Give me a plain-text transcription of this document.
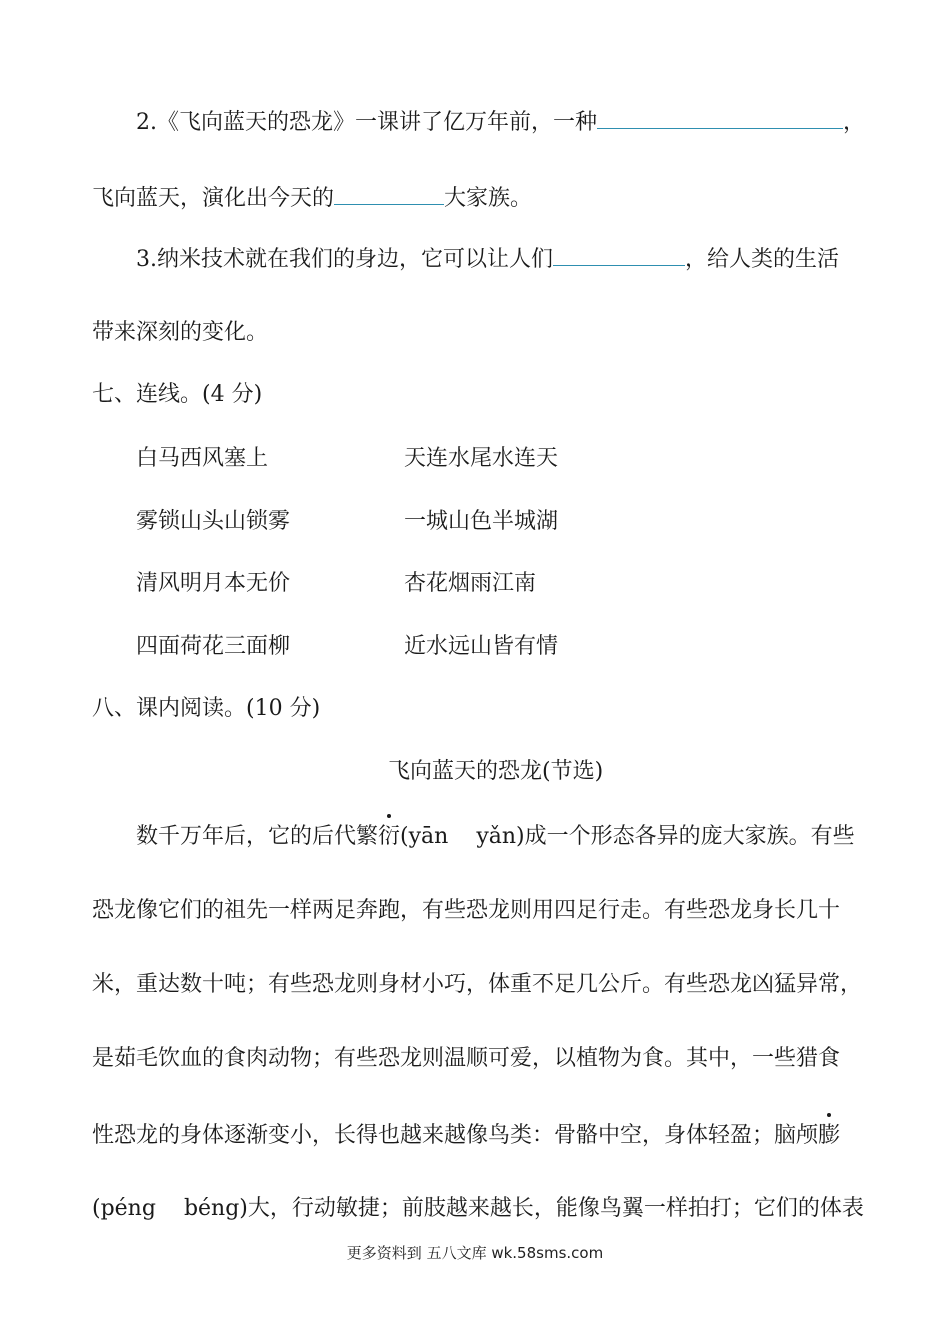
2.《飞向蓝天的恐龙》一课讲了亿万年前，一种	，
飞向蓝天，演化出今天的	大家族。
3.纳米技术就在我们的身边，它可以让人们	，给人类的生活
带来深刻的变化。
七、连线。(4 分)
白马西风塞上	天连水尾水连天
雾锁山头山锁雾	一城山色半城湖
清风明月本无价	杏花烟雨江南
四面荷花三面柳	近水远山皆有情
八、课内阅读。(10 分)
飞向蓝天的恐龙(节选)
数千万年后，它的后代繁衍(yān yǎn)成一个形态各异的庞大家族。有些
恐龙像它们的祖先一样两足奔跑，有些恐龙则用四足行走。有些恐龙身长几十
米，重达数十吨；有些恐龙则身材小巧，体重不足几公斤。有些恐龙凶猛异常，
是茹毛饮血的食肉动物；有些恐龙则温顺可爱，以植物为食。其中，一些猎食
性恐龙的身体逐渐变小，长得也越来越像鸟类：骨骼中空，身体轻盈；脑颅膨
(péng béng)大，行动敏捷；前肢越来越长，能像鸟翼一样拍打；它们的体表
更多资料到 五八文库 wk.58sms.com
